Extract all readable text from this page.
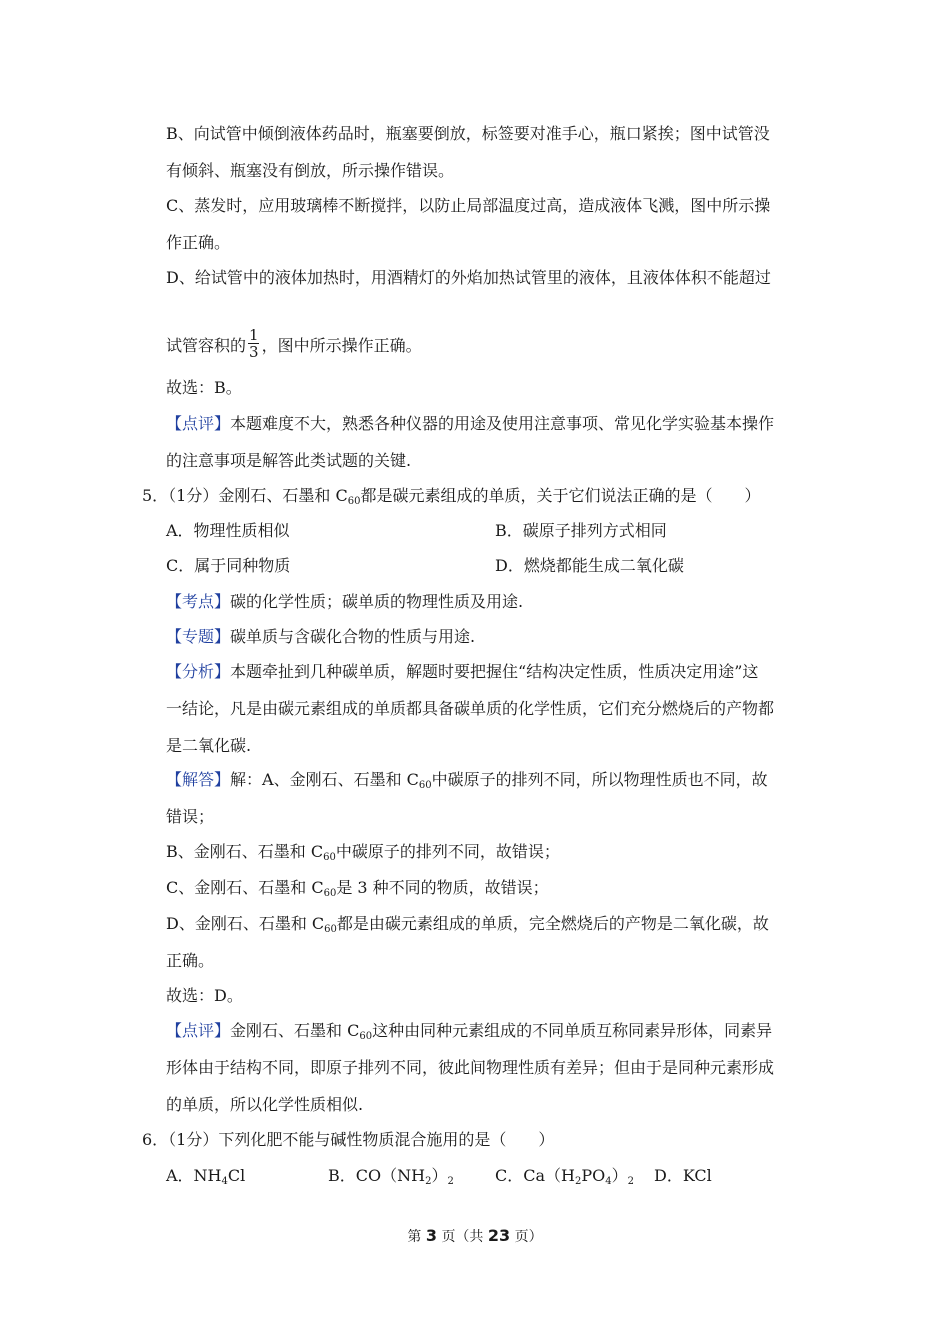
B、向试管中倾倒液体药品时，瓶塞要倒放，标签要对准手心，瓶口紧挨；图中试管没
有倾斜、瓶塞没有倒放，所示操作错误。
C、蒸发时，应用玻璃棒不断搅拌，以防止局部温度过高，造成液体飞溅，图中所示操
作正确。
D、给试管中的液体加热时，用酒精灯的外焰加热试管里的液体，且液体体积不能超过
试管容积的 $\frac{1}{3}$ ，图中所示操作正确。
故选：B。
【点评】本题难度不大，熟悉各种仪器的用途及使用注意事项、常见化学实验基本操作
的注意事项是解答此类试题的关键.
5．（1分）金刚石、石墨和 $C_{60}$都是碳元素组成的单质，关于它们说法正确的是（　　）
A．物理性质相似	B．碳原子排列方式相同
C．属于同种物质	D．燃烧都能生成二氧化碳
【考点】碳的化学性质；碳单质的物理性质及用途.
【专题】碳单质与含碳化合物的性质与用途.
【分析】本题牵扯到几种碳单质，解题时要把握住“结构决定性质，性质决定用途”这
一结论，凡是由碳元素组成的单质都具备碳单质的化学性质，它们充分燃烧后的产物都
是二氧化碳.
【解答】解：A、金刚石、石墨和 $C_{60}$中碳原子的排列不同，所以物理性质也不同，故
错误；
B、金刚石、石墨和 $C_{60}$中碳原子的排列不同，故错误；
C、金刚石、石墨和 $C_{60}$是 3 种不同的物质，故错误；
D、金刚石、石墨和 $C_{60}$都是由碳元素组成的单质，完全燃烧后的产物是二氧化碳，故
正确。
故选：D。
【点评】金刚石、石墨和 $C_{60}$这种由同种元素组成的不同单质互称同素异形体，同素异
形体由于结构不同，即原子排列不同，彼此间物理性质有差异；但由于是同种元素形成
的单质，所以化学性质相似.
6．（1分）下列化肥不能与碱性物质混合施用的是（　　）
A．$NH_4Cl$	B．$CO(NH_2)_2$	C．$Ca(H_2PO_4)_2$ D．KCl
第 3 页（共 23 页）
